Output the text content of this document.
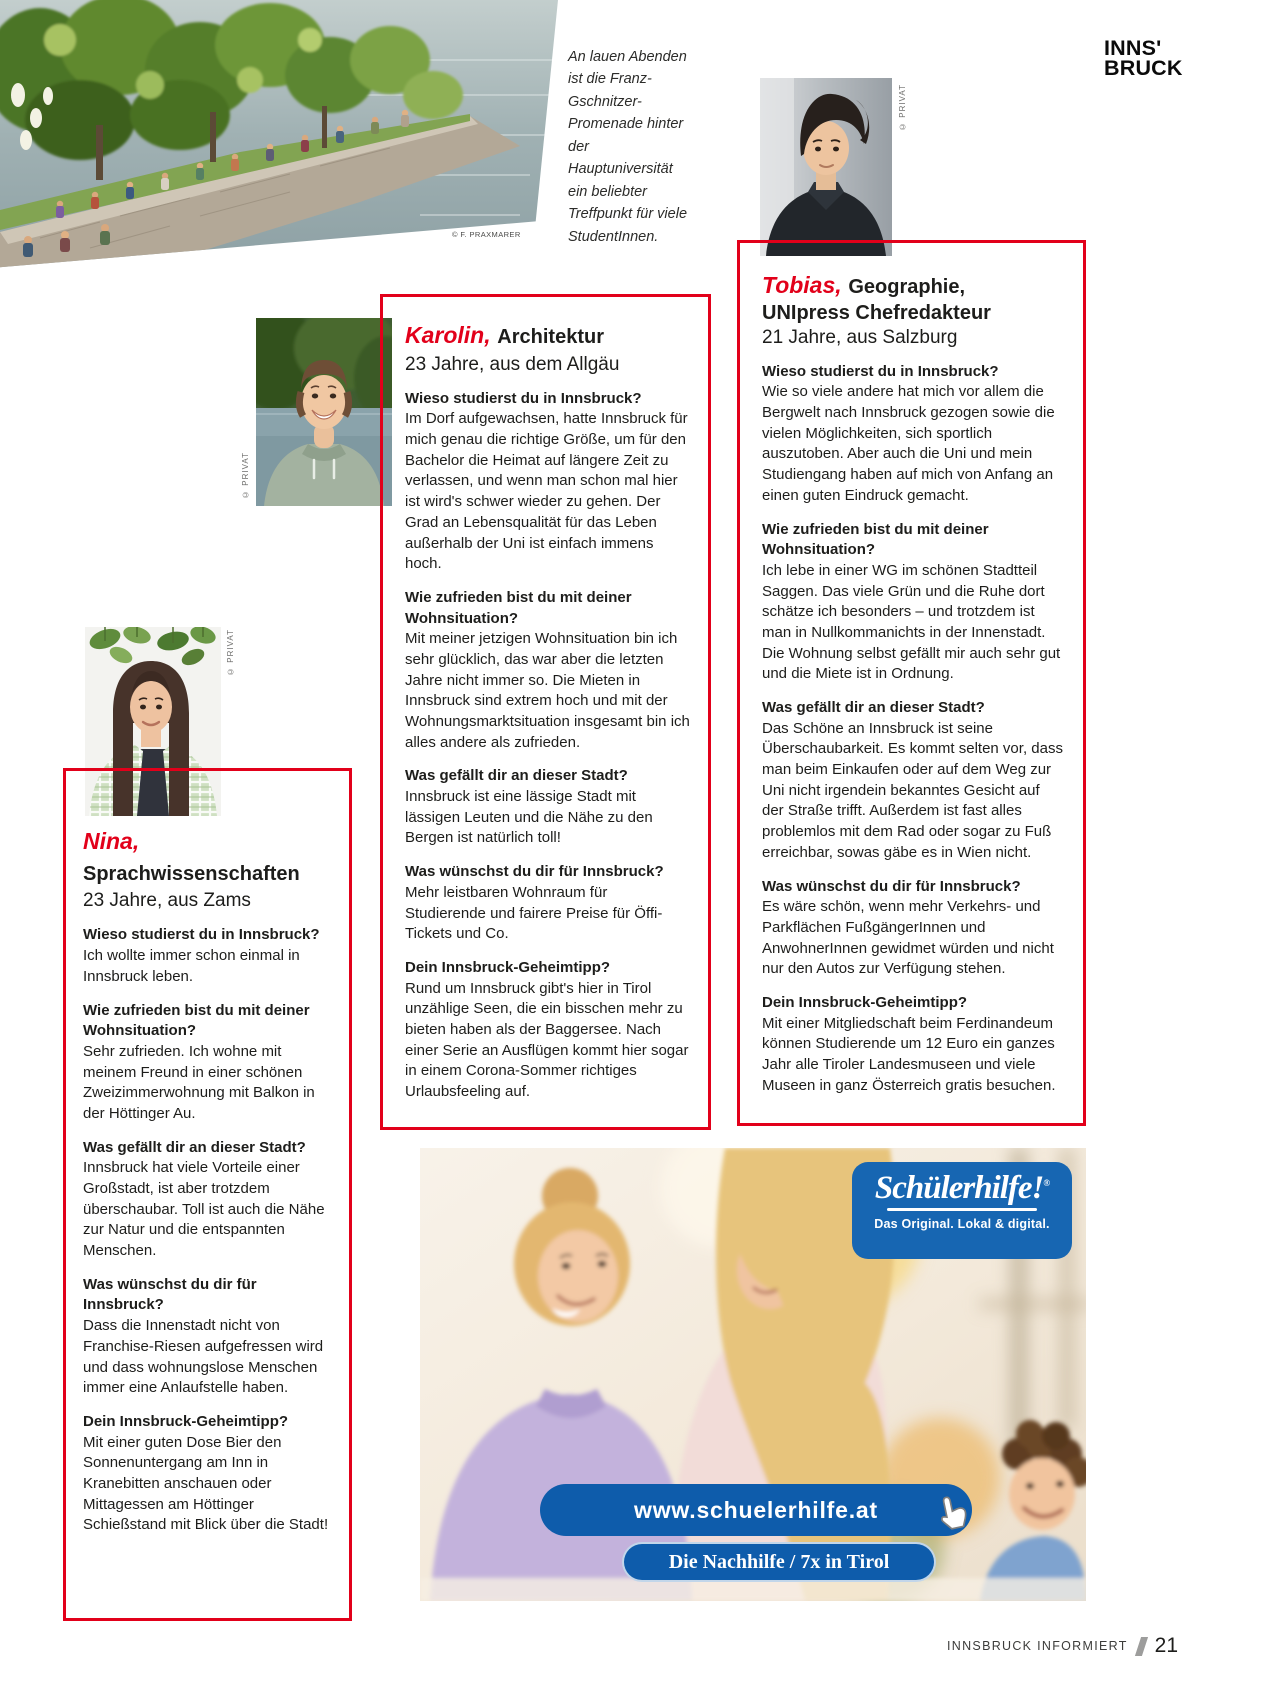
© F. PRAXMARER
An lauen Abenden ist die Franz-Gschnitzer-Promenade hinter der Hauptuniversität ein beliebter Treffpunkt für viele StudentInnen.
INNS'
BRUCK
© PRIVAT
Tobias, Geographie,
UNIpress Chefredakteur
21 Jahre, aus Salzburg

Wieso studierst du in Innsbruck?

Wie so viele andere hat mich vor allem die Bergwelt nach Innsbruck gezogen sowie die vielen Möglichkeiten, sich sportlich auszutoben. Aber auch die Uni und mein Studiengang haben auf mich von Anfang an einen guten Eindruck gemacht.

Wie zufrieden bist du mit deiner Wohnsituation?

Ich lebe in einer WG im schönen Stadtteil Saggen. Das viele Grün und die Ruhe dort schätze ich besonders – und trotzdem ist man in Nullkommanichts in der Innenstadt. Die Wohnung selbst gefällt mir auch sehr gut und die Miete ist in Ordnung.

Was gefällt dir an dieser Stadt?

Das Schöne an Innsbruck ist seine Überschaubarkeit. Es kommt selten vor, dass man beim Einkaufen oder auf dem Weg zur Uni nicht irgendein bekanntes Gesicht auf der Straße trifft. Außerdem ist fast alles problemlos mit dem Rad oder sogar zu Fuß erreichbar, sowas gäbe es in Wien nicht.

Was wünschst du dir für Innsbruck?

Es wäre schön, wenn mehr Verkehrs- und Parkflächen FußgängerInnen und AnwohnerInnen gewidmet würden und nicht nur den Autos zur Verfügung stehen.

Dein Innsbruck-Geheimtipp?

Mit einer Mitgliedschaft beim Ferdinandeum können Studierende um 12 Euro ein ganzes Jahr alle Tiroler Landesmuseen und viele Museen in ganz Österreich gratis besuchen.

© PRIVAT
Karolin, Architektur
23 Jahre, aus dem Allgäu

Wieso studierst du in Innsbruck?

Im Dorf aufgewachsen, hatte Innsbruck für mich genau die richtige Größe, um für den Bachelor die Heimat auf längere Zeit zu verlassen, und wenn man schon mal hier ist wird's schwer wieder zu gehen. Der Grad an Lebensqualität für das Leben außerhalb der Uni ist einfach immens hoch.

Wie zufrieden bist du mit deiner Wohnsituation?

Mit meiner jetzigen Wohnsituation bin ich sehr glücklich, das war aber die letzten Jahre nicht immer so. Die Mieten in Innsbruck sind extrem hoch und mit der Wohnungsmarktsituation insgesamt bin ich alles andere als zufrieden.

Was gefällt dir an dieser Stadt?

Innsbruck ist eine lässige Stadt mit lässigen Leuten und die Nähe zu den Bergen ist natürlich toll!

Was wünschst du dir für Innsbruck?

Mehr leistbaren Wohnraum für Studierende und fairere Preise für Öffi-Tickets und Co.

Dein Innsbruck-Geheimtipp?

Rund um Innsbruck gibt's hier in Tirol unzählige Seen, die ein bisschen mehr zu bieten haben als der Baggersee. Nach einer Serie an Ausflügen kommt hier sogar in einem Corona-Sommer richtiges Urlaubsfeeling auf.

© PRIVAT
Nina, Sprachwissenschaften
23 Jahre, aus Zams

Wieso studierst du in Innsbruck?

Ich wollte immer schon einmal in Innsbruck leben.

Wie zufrieden bist du mit deiner Wohnsituation?

Sehr zufrieden. Ich wohne mit meinem Freund in einer schönen Zweizimmerwohnung mit Balkon in der Höttinger Au.

Was gefällt dir an dieser Stadt?

Innsbruck hat viele Vorteile einer Großstadt, ist aber trotzdem überschaubar. Toll ist auch die Nähe zur Natur und die entspannten Menschen.

Was wünschst du dir für Innsbruck?

Dass die Innenstadt nicht von Franchise-Riesen aufgefressen wird und dass wohnungslose Menschen immer eine Anlaufstelle haben.

Dein Innsbruck-Geheimtipp?

Mit einer guten Dose Bier den Sonnenuntergang am Inn in Kranebitten anschauen oder Mittagessen am Höttinger Schießstand mit Blick über die Stadt!

Schülerhilfe!®
Das Original. Lokal & digital.
www.schuelerhilfe.at
Die Nachhilfe / 7x in Tirol
INNSBRUCK INFORMIERT 21
